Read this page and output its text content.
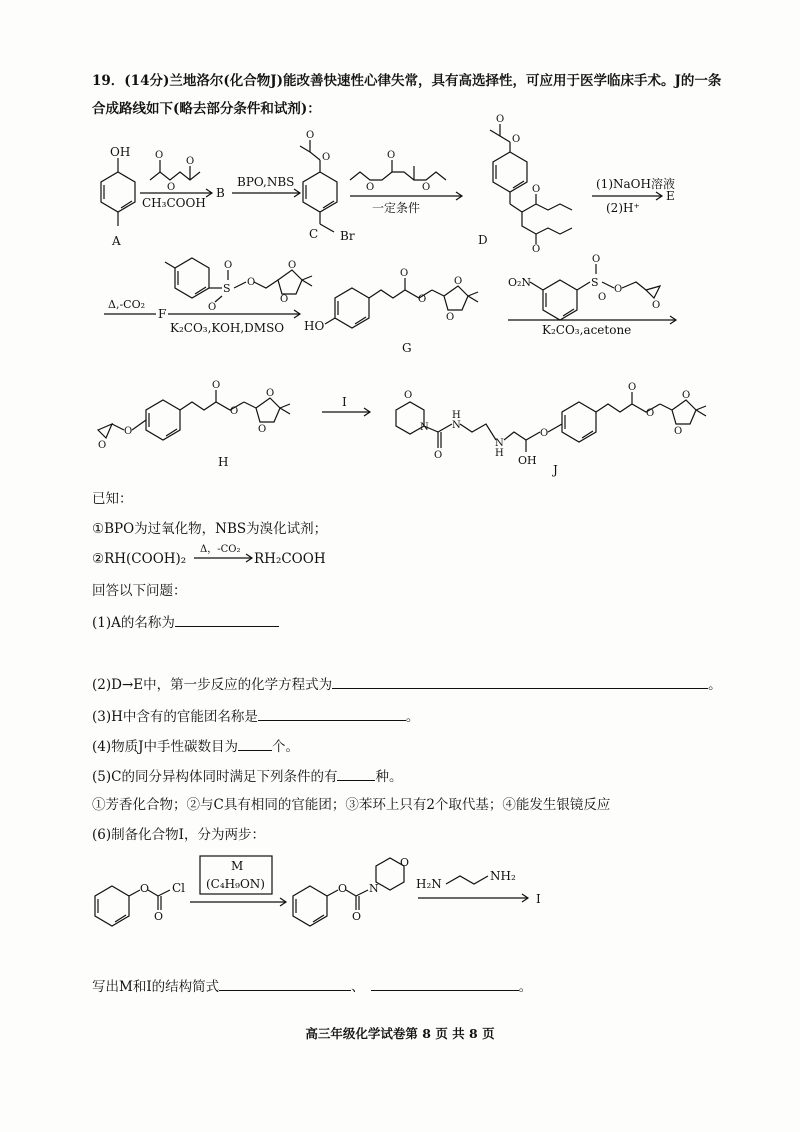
19．(14分)兰地洛尔(化合物J)能改善快速性心律失常，具有高选择性，可应用于医学临床手术。J的一条
合成路线如下(略去部分条件和试剂)：
OH
A
O
O
O
CH₃COOH
B
BPO,NBS
O
O
C Br
O
O
O
一定条件
O
O
O
O
D
(1)NaOH溶液
(2)H⁺
E
S
O
O
O
O
O
Δ,-CO₂
F
K₂CO₃,KOH,DMSO
O
O
O
O
HO
G
S
O
O
O
O
O₂N
K₂CO₃,acetone
O
O
O
O
O
O
H
I	O
N
O
N
H
O
O
O
O
O
N
H
OH
J
O
O
Cl
M
(C₄H₉ON)	O
O
N
O
H₂N
NH₂
I
已知：
①BPO为过氧化物，NBS为溴化试剂；
②RH(COOH)₂
Δ，-CO₂
RH₂COOH
回答以下问题：
(1)A的名称为
(2)D→E中，第一步反应的化学方程式为	。
(3)H中含有的官能团名称是	。
(4)物质J中手性碳数目为	个。
(5)C的同分异构体同时满足下列条件的有	种。
①芳香化合物；②与C具有相同的官能团；③苯环上只有2个取代基；④能发生银镜反应
(6)制备化合物I，分为两步：
写出M和I的结构简式	、	。
高三年级化学试卷第 8 页 共 8 页
